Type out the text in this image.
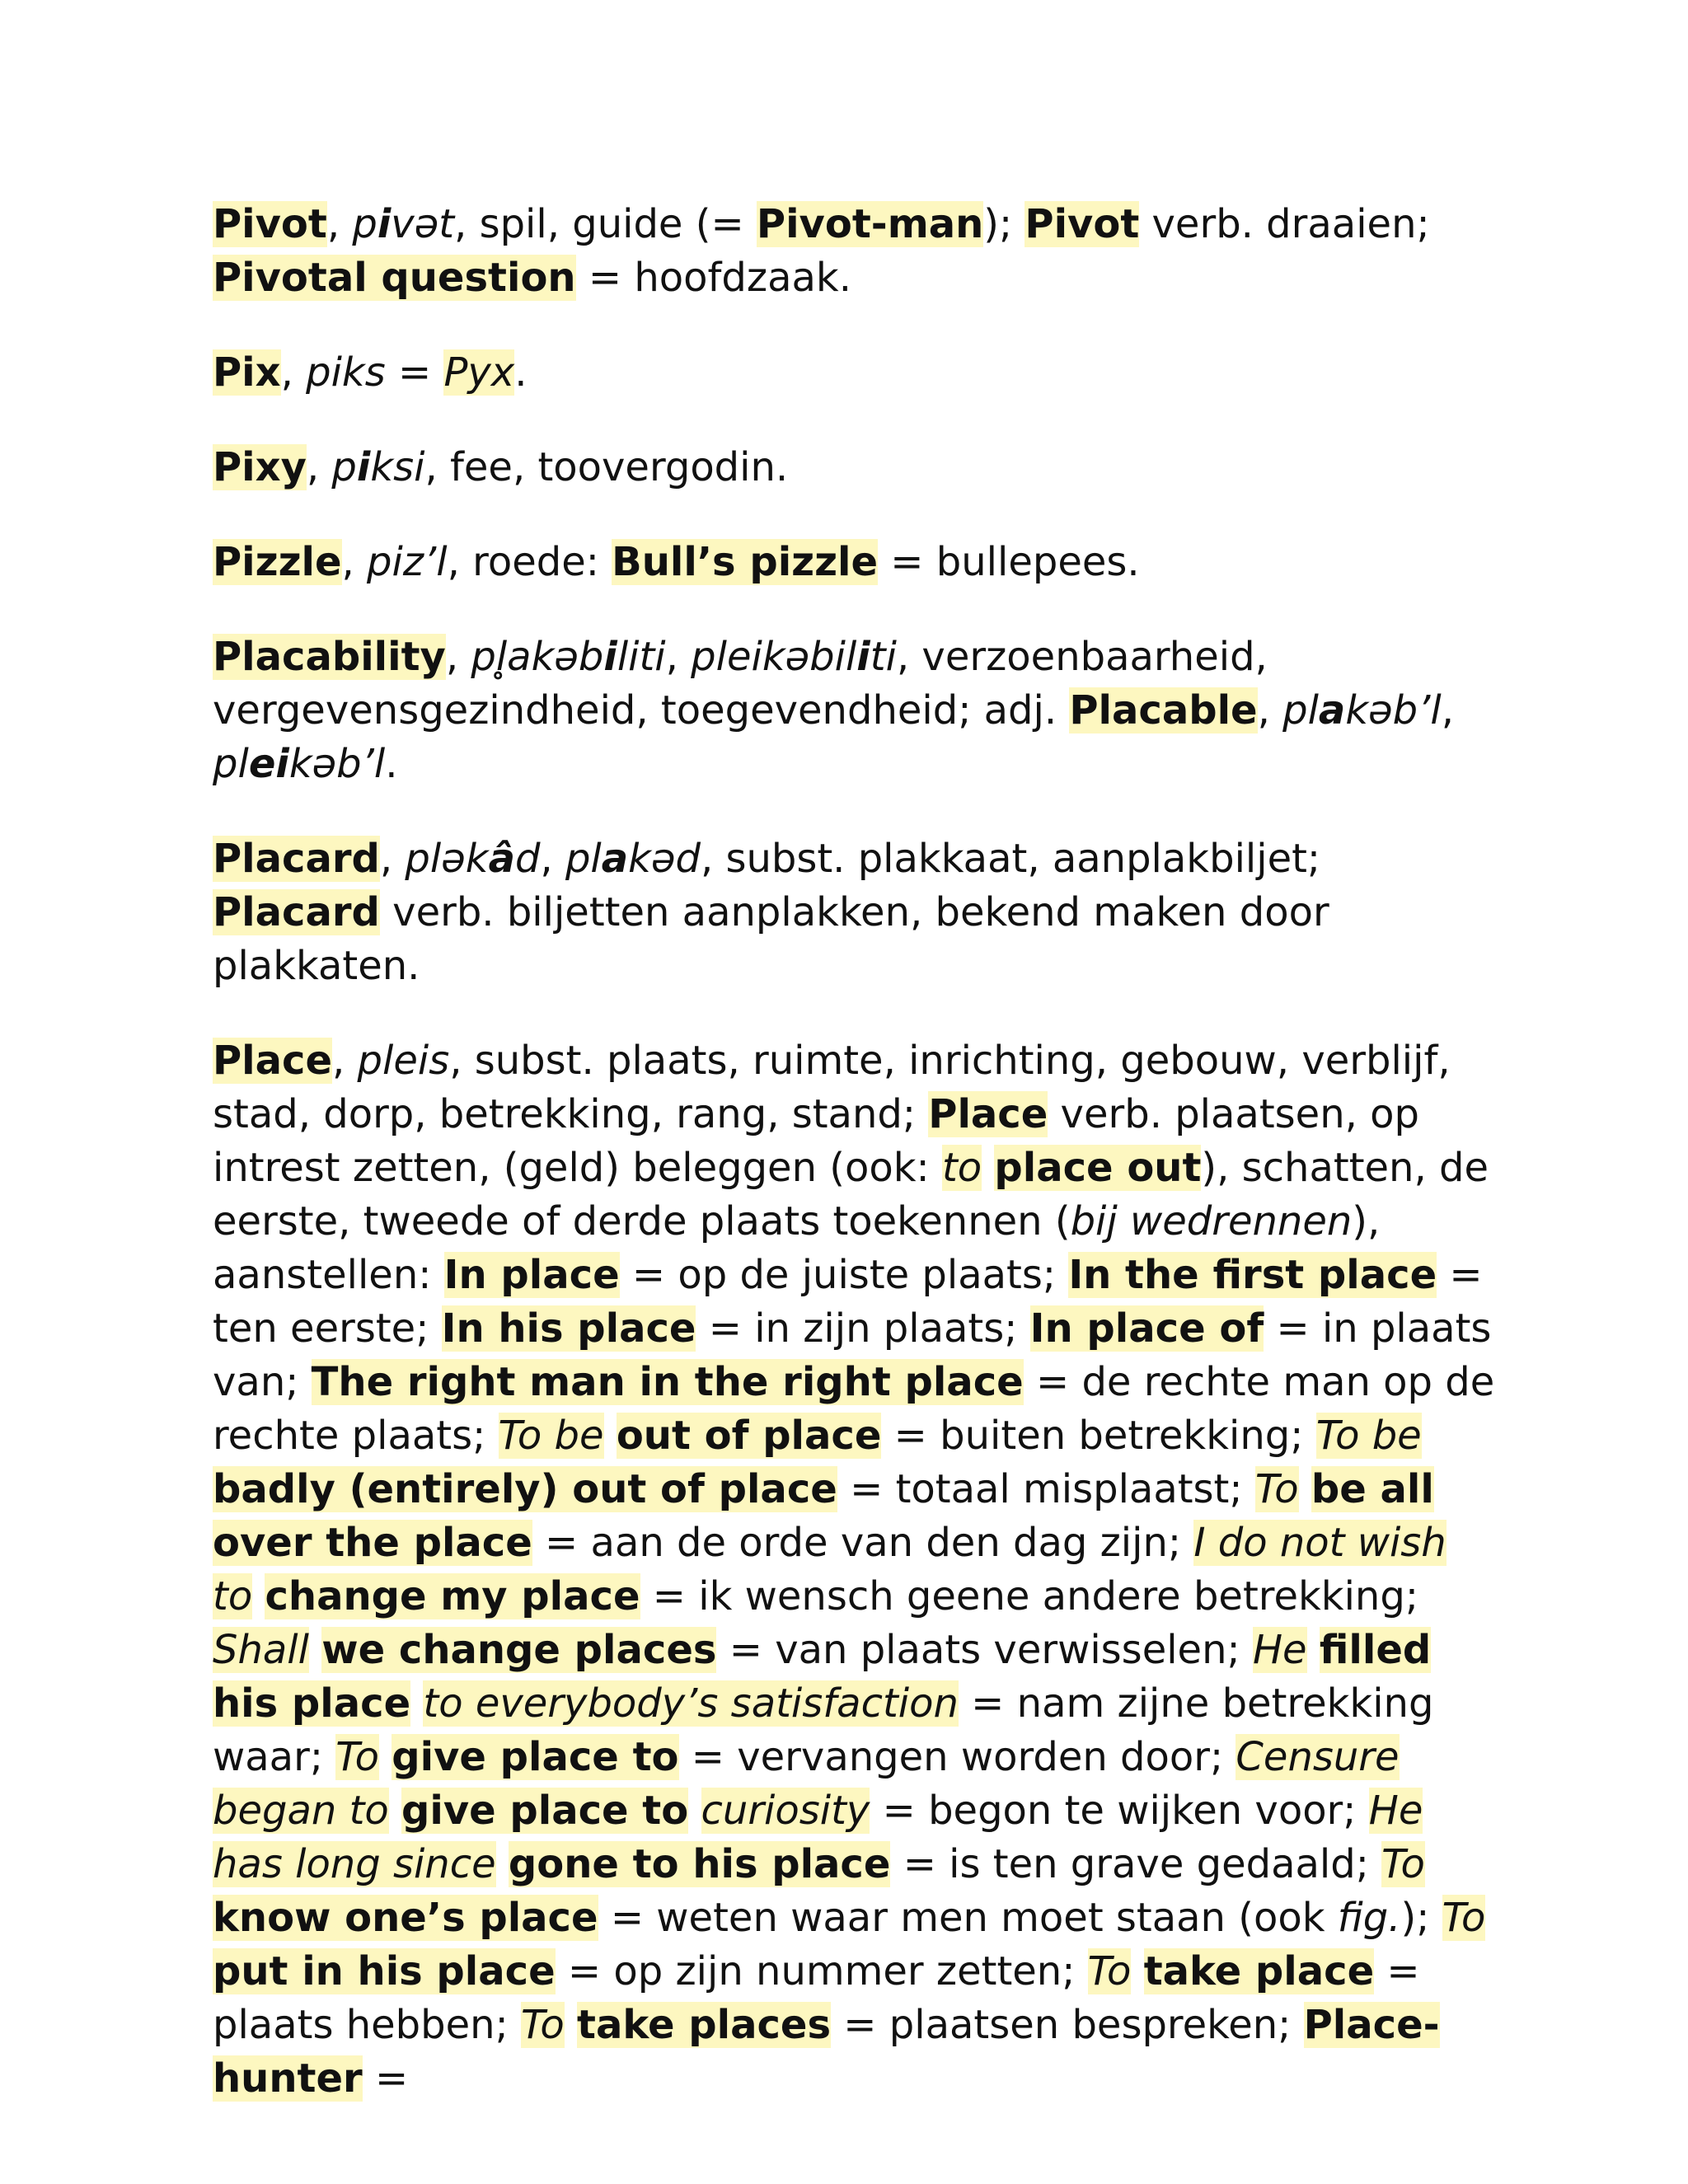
Pivot, pivət, spil, guide (= Pivot-man); Pivot verb. draaien; Pivotal question = hoofdzaak.

Pix, piks = Pyx.

Pixy, piksi, fee, toovergodin.

Pizzle, piz’l, roede: Bull’s pizzle = bullepees.

Placability, pl̥akəbiliti, pleikəbiliti, verzoenbaarheid, vergevensgezindheid, toegevendheid; adj. Placable, plakəb’l, pleikəb’l.

Placard, pləkâd, plakəd, subst. plakkaat, aanplakbiljet; Placard verb. biljetten aanplakken, bekend maken door plakkaten.

Place, pleis, subst. plaats, ruimte, inrichting, gebouw, verblijf, stad, dorp, betrekking, rang, stand; Place verb. plaatsen, op intrest zetten, (geld) beleggen (ook: to place out), schatten, de eerste, tweede of derde plaats toekennen (bij wedrennen), aanstellen: In place = op de juiste plaats; In the first place = ten eerste; In his place = in zijn plaats; In place of = in plaats van; The right man in the right place = de rechte man op de rechte plaats; To be out of place = buiten betrekking; To be badly (entirely) out of place = totaal misplaatst; To be all over the place = aan de orde van den dag zijn; I do not wish to change my place = ik wensch geene andere betrekking; Shall we change places = van plaats verwisselen; He filled his place to everybody’s satisfaction = nam zijne betrekking waar; To give place to = vervangen worden door; Censure began to give place to curiosity = begon te wijken voor; He has long since gone to his place = is ten grave gedaald; To know one’s place = weten waar men moet staan (ook fig.); To put in his place = op zijn nummer zetten; To take place = plaats hebben; To take places = plaatsen bespreken; Place-hunter =
